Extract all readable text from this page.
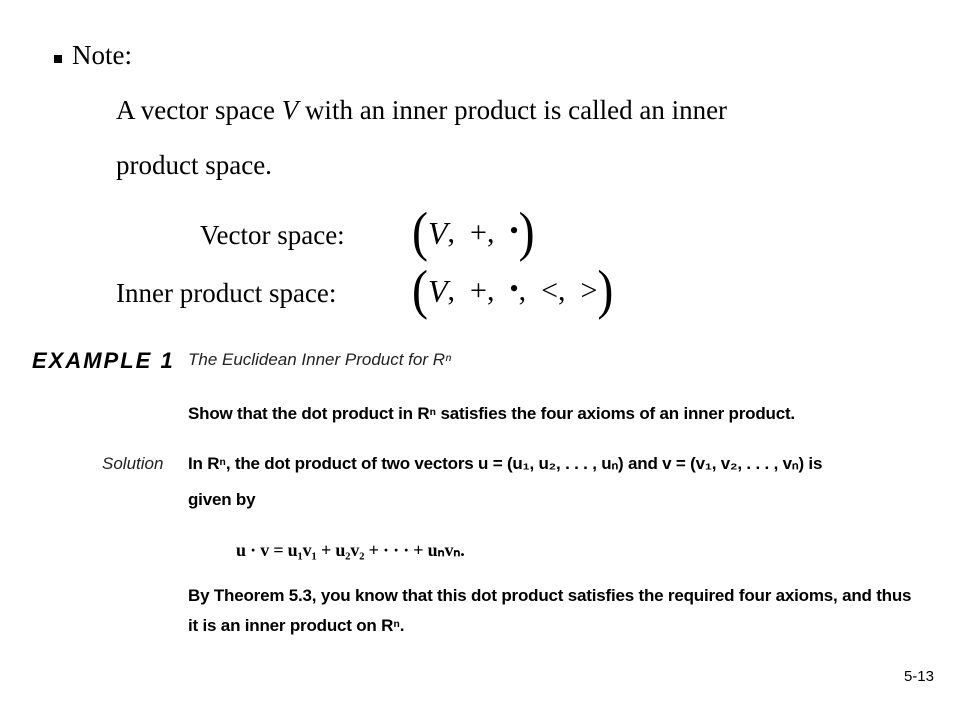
Note:
A vector space V with an inner product is called an inner
product space.
Vector space: ( V ,
+ ,
• )
Inner product space: ( V ,
+ ,
• ,
< ,
> )
EXAMPLE 1 The Euclidean Inner Product for Rⁿ
Show that the dot product in Rⁿ satisfies the four axioms of an inner product.
Solution In Rⁿ, the dot product of two vectors u = (u₁, u₂, . . . , uₙ) and v = (v₁, v₂, . . . , vₙ) is
given by
u · v = u₁v₁ + u₂v₂ + · · · + uₙvₙ.
By Theorem 5.3, you know that this dot product satisfies the required four axioms, and thus
it is an inner product on Rⁿ.
5-13
